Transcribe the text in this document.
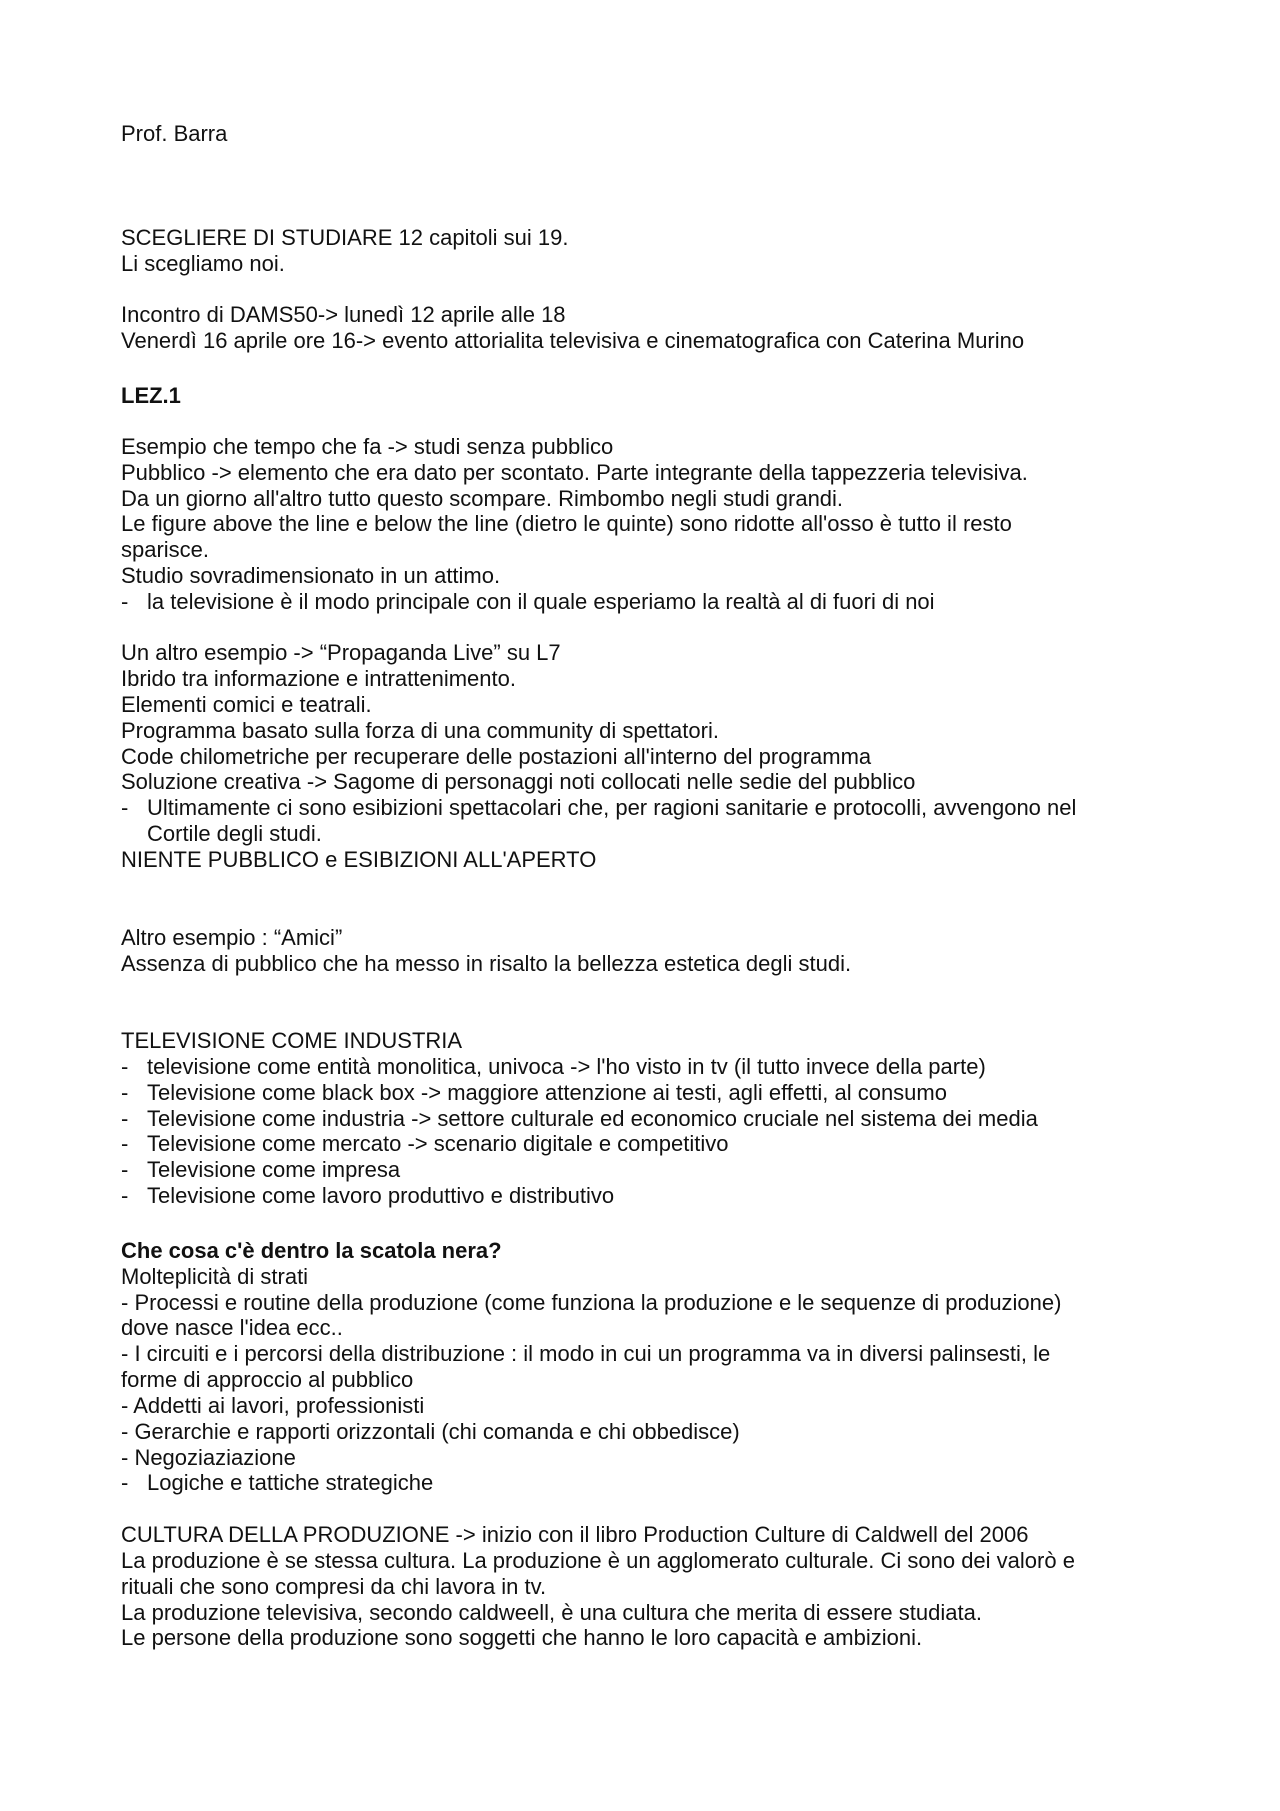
Prof. Barra
SCEGLIERE DI STUDIARE 12 capitoli sui 19.
Li scegliamo noi.
Incontro di DAMS50-> lunedì 12 aprile alle 18
Venerdì 16 aprile ore 16-> evento attorialita televisiva e cinematografica con Caterina Murino
LEZ.1
Esempio che tempo che fa -> studi senza pubblico
Pubblico -> elemento che era dato per scontato. Parte integrante della tappezzeria televisiva.
Da un giorno all'altro tutto questo scompare. Rimbombo negli studi grandi.
Le figure above the line e below the line (dietro le quinte) sono ridotte all'osso è tutto il resto
sparisce.
Studio sovradimensionato in un attimo.
- la televisione è il modo principale con il quale esperiamo la realtà al di fuori di noi
Un altro esempio -> “Propaganda Live” su L7
Ibrido tra informazione e intrattenimento.
Elementi comici e teatrali.
Programma basato sulla forza di una community di spettatori.
Code chilometriche per recuperare delle postazioni all'interno del programma
Soluzione creativa -> Sagome di personaggi noti collocati nelle sedie del pubblico
- Ultimamente ci sono esibizioni spettacolari che, per ragioni sanitarie e protocolli, avvengono nel
Cortile degli studi.
NIENTE PUBBLICO e ESIBIZIONI ALL'APERTO
Altro esempio : “Amici”
Assenza di pubblico che ha messo in risalto la bellezza estetica degli studi.
TELEVISIONE COME INDUSTRIA
- televisione come entità monolitica, univoca -> l'ho visto in tv (il tutto invece della parte)
- Televisione come black box -> maggiore attenzione ai testi, agli effetti, al consumo
- Televisione come industria -> settore culturale ed economico cruciale nel sistema dei media
- Televisione come mercato -> scenario digitale e competitivo
- Televisione come impresa
- Televisione come lavoro produttivo e distributivo
Che cosa c'è dentro la scatola nera?
Molteplicità di strati
- Processi e routine della produzione (come funziona la produzione e le sequenze di produzione)
dove nasce l'idea ecc..
- I circuiti e i percorsi della distribuzione : il modo in cui un programma va in diversi palinsesti, le
forme di approccio al pubblico
- Addetti ai lavori, professionisti
- Gerarchie e rapporti orizzontali (chi comanda e chi obbedisce)
- Negoziaziazione
- Logiche e tattiche strategiche
CULTURA DELLA PRODUZIONE -> inizio con il libro Production Culture di Caldwell del 2006
La produzione è se stessa cultura. La produzione è un agglomerato culturale. Ci sono dei valorò e
rituali che sono compresi da chi lavora in tv.
La produzione televisiva, secondo caldweell, è una cultura che merita di essere studiata.
Le persone della produzione sono soggetti che hanno le loro capacità e ambizioni.
